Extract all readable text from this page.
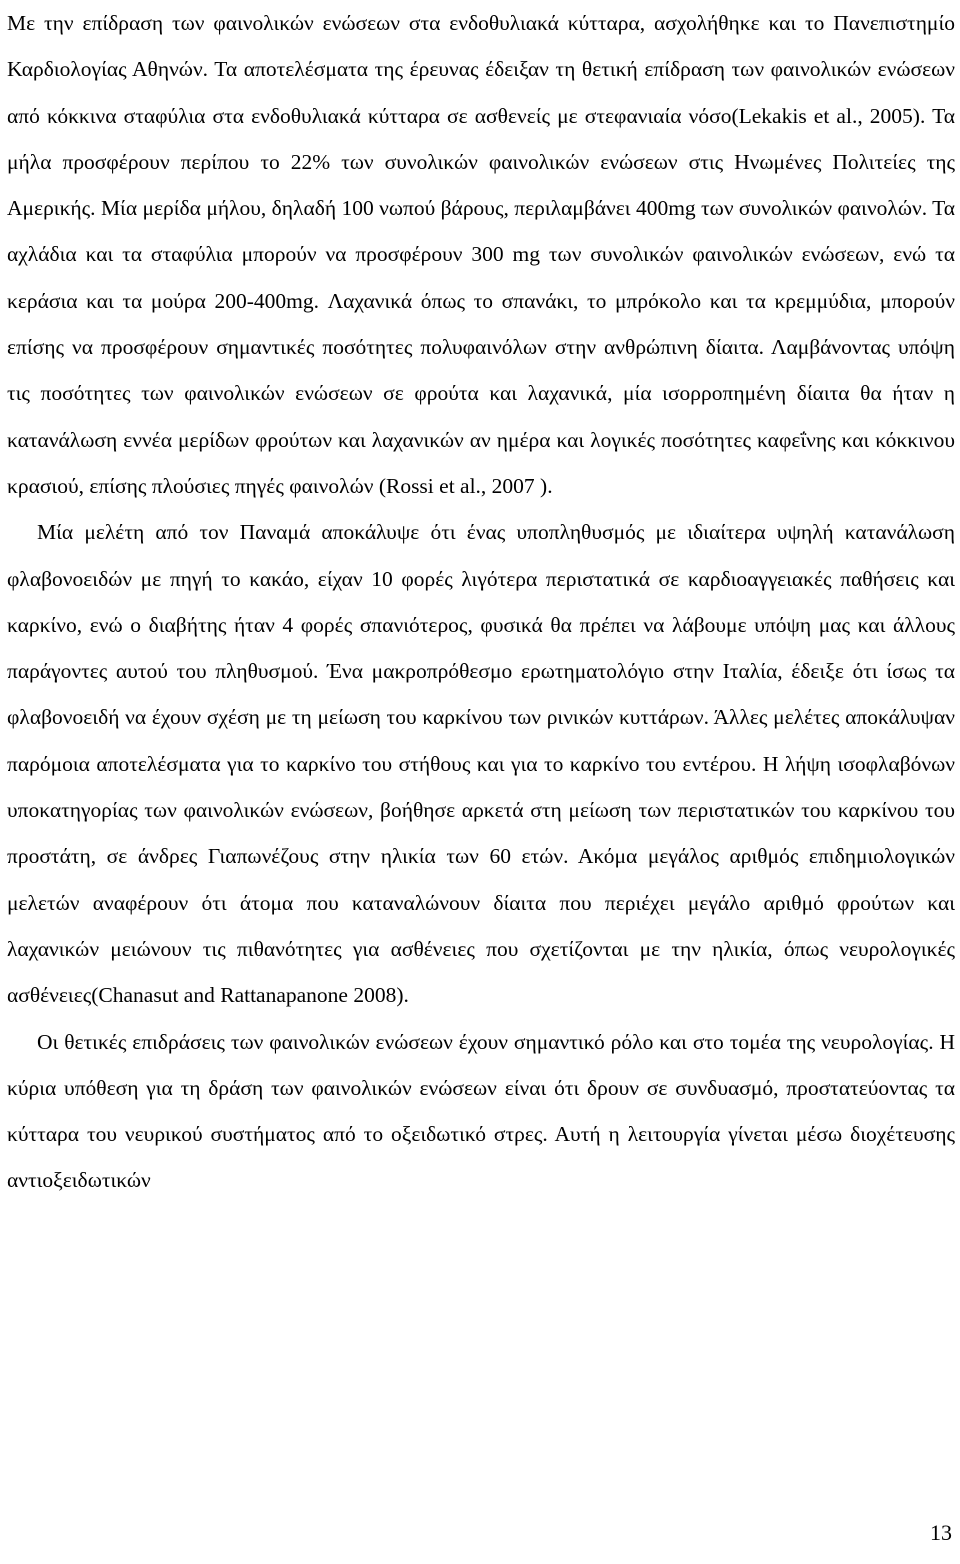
Με την επίδραση των φαινολικών ενώσεων στα ενδοθυλιακά κύτταρα, ασχολήθηκε και το Πανεπιστημίο Καρδιολογίας Αθηνών. Τα αποτελέσματα της έρευνας έδειξαν τη θετική επίδραση των φαινολικών ενώσεων από κόκκινα σταφύλια στα ενδοθυλιακά κύτταρα σε ασθενείς με στεφανιαία νόσο(Lekakis et al., 2005). Τα μήλα προσφέρουν περίπου το 22% των συνολικών φαινολικών ενώσεων στις Ηνωμένες Πολιτείες της Αμερικής. Μία μερίδα μήλου, δηλαδή 100 νωπού βάρους, περιλαμβάνει 400mg των συνολικών φαινολών. Τα αχλάδια και τα σταφύλια μπορούν να προσφέρουν 300 mg των συνολικών φαινολικών ενώσεων, ενώ τα κεράσια και τα μούρα 200-400mg. Λαχανικά όπως το σπανάκι, το μπρόκολο και τα κρεμμύδια, μπορούν επίσης να προσφέρουν σημαντικές ποσότητες πολυφαινόλων στην ανθρώπινη δίαιτα. Λαμβάνοντας υπόψη τις ποσότητες των φαινολικών ενώσεων σε φρούτα και λαχανικά, μία ισορροπημένη δίαιτα θα ήταν η κατανάλωση εννέα μερίδων φρούτων και λαχανικών αν ημέρα και λογικές ποσότητες καφεΐνης και κόκκινου κρασιού, επίσης πλούσιες πηγές φαινολών (Rossi et al., 2007 ).

Μία μελέτη από τον Παναμά αποκάλυψε ότι ένας υποπληθυσμός με ιδιαίτερα υψηλή κατανάλωση φλαβονοειδών με πηγή το κακάο, είχαν 10 φορές λιγότερα περιστατικά σε καρδιοαγγειακές παθήσεις και καρκίνο, ενώ ο διαβήτης ήταν 4 φορές σπανιότερος, φυσικά θα πρέπει να λάβουμε υπόψη μας και άλλους παράγοντες αυτού του πληθυσμού. Ένα μακροπρόθεσμο ερωτηματολόγιο στην Ιταλία, έδειξε ότι ίσως τα φλαβονοειδή να έχουν σχέση με τη μείωση του καρκίνου των ρινικών κυττάρων. Άλλες μελέτες αποκάλυψαν παρόμοια αποτελέσματα για το καρκίνο του στήθους και για το καρκίνο του εντέρου. Η λήψη ισοφλαβόνων υποκατηγορίας των φαινολικών ενώσεων, βοήθησε αρκετά στη μείωση των περιστατικών του καρκίνου του προστάτη, σε άνδρες Γιαπωνέζους στην ηλικία των 60 ετών. Ακόμα μεγάλος αριθμός επιδημιολογικών μελετών αναφέρουν ότι άτομα που καταναλώνουν δίαιτα που περιέχει μεγάλο αριθμό φρούτων και λαχανικών μειώνουν τις πιθανότητες για ασθένειες που σχετίζονται με την ηλικία, όπως νευρολογικές ασθένειες(Chanasut and Rattanapanone 2008).

Οι θετικές επιδράσεις των φαινολικών ενώσεων έχουν σημαντικό ρόλο και στο τομέα της νευρολογίας. Η κύρια υπόθεση για τη δράση των φαινολικών ενώσεων είναι ότι δρουν σε συνδυασμό, προστατεύοντας τα κύτταρα του νευρικού συστήματος από το οξειδωτικό στρες. Αυτή η λειτουργία γίνεται μέσω διοχέτευσης αντιοξειδωτικών

13
